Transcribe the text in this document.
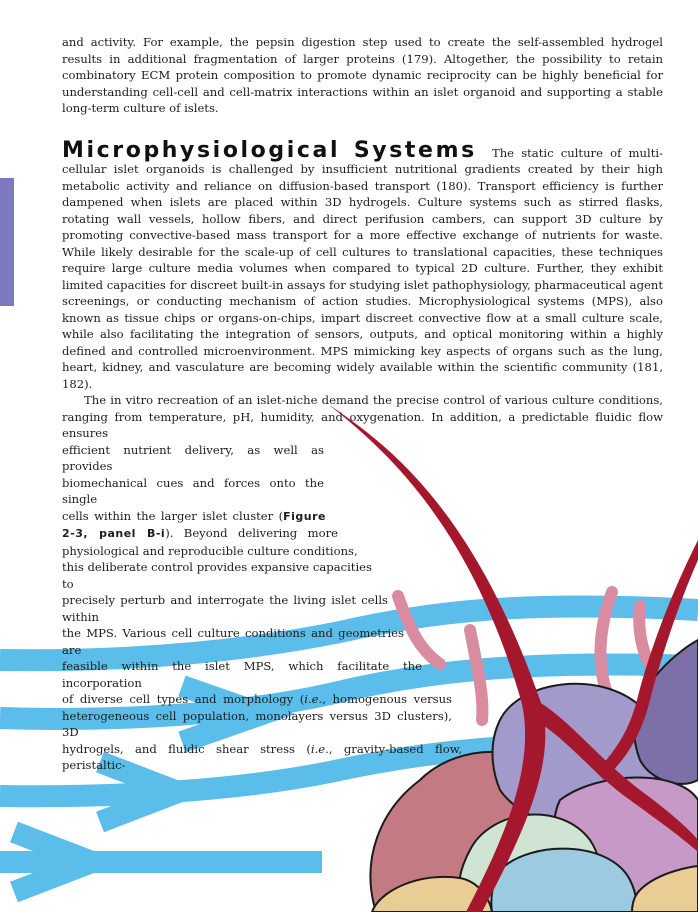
and activity. For example, the pepsin digestion step used to create the self-assembled hydrogel results in additional fragmentation of larger proteins (179). Altogether, the possibility to retain combinatory ECM protein composition to promote dynamic reciprocity can be highly beneficial for understanding cell-cell and cell-matrix interactions within an islet organoid and supporting a stable long-term culture of islets.

Microphysiological Systems The static culture of multi-cellular islet organoids is challenged by insufficient nutritional gradients created by their high metabolic activity and reliance on diffusion-based transport (180). Transport efficiency is further dampened when islets are placed within 3D hydrogels. Culture systems such as stirred flasks, rotating wall vessels, hollow fibers, and direct perifusion cambers, can support 3D culture by promoting convective-based mass transport for a more effective exchange of nutrients for waste. While likely desirable for the scale-up of cell cultures to translational capacities, these techniques require large culture media volumes when compared to typical 2D culture. Further, they exhibit limited capacities for discreet built-in assays for studying islet pathophysiology, pharmaceutical agent screenings, or conducting mechanism of action studies. Microphysiological systems (MPS), also known as tissue chips or organs-on-chips, impart discreet convective flow at a small culture scale, while also facilitating the integration of sensors, outputs, and optical monitoring within a highly defined and controlled microenvironment. MPS mimicking key aspects of organs such as the lung, heart, kidney, and vasculature are becoming widely available within the scientific community (181, 182).

The in vitro recreation of an islet-niche demand the precise control of various culture conditions, ranging from temperature, pH, humidity, and oxygenation. In addition, a predictable fluidic flow ensures

efficient nutrient delivery, as well as provides
biomechanical cues and forces onto the single
cells within the larger islet cluster (Figure
2-3, panel B-i). Beyond delivering more
physiological and reproducible culture conditions,
this deliberate control provides expansive capacities to
precisely perturb and interrogate the living islet cells within
the MPS. Various cell culture conditions and geometries are
feasible within the islet MPS, which facilitate the incorporation
of diverse cell types and morphology (i.e., homogenous versus
heterogeneous cell population, monolayers versus 3D clusters), 3D
hydrogels, and fluidic shear stress (i.e., gravity-based flow, peristaltic-
